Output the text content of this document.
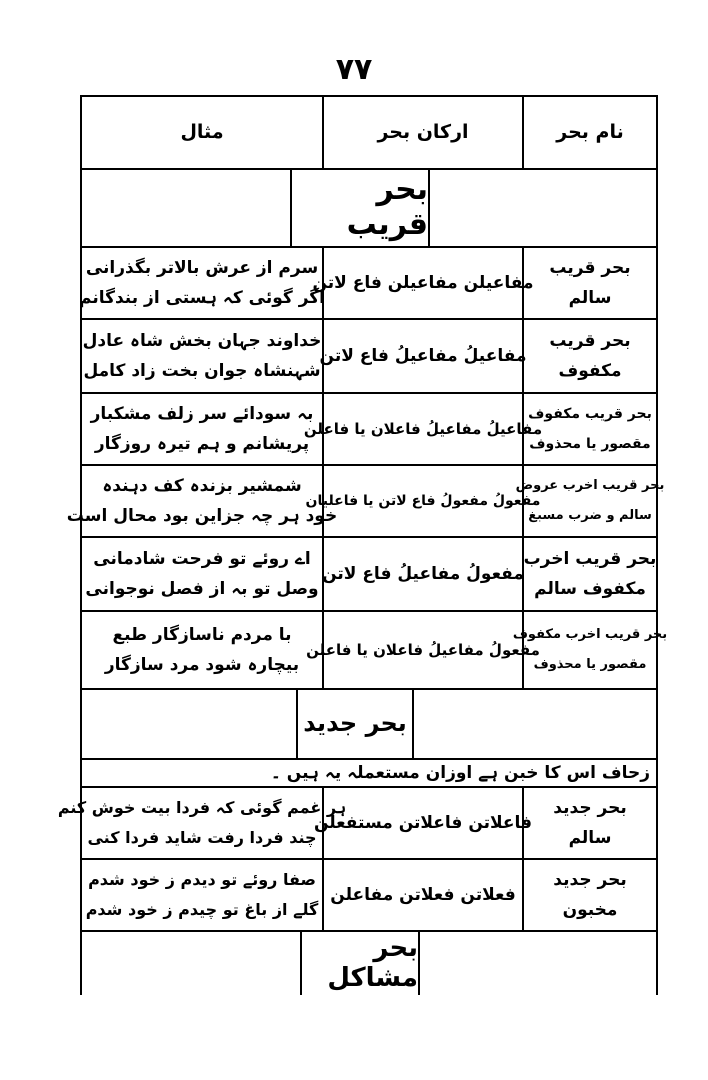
۷۷
نام بحر
ارکان بحر
مثال
بحر قریب
بحر قریب
سالم
مفاعیلن مفاعیلن فاع لاتن
سرم از عرش بالاتر بگذرانی
اگر گوئی کہ ہستی از بندگانم
بحر قریب
مکفوف
مفاعیلُ مفاعیلُ فاع لاتن
خداوند جہان بخش شاہ عادل
شہنشاہ جوان بخت زاد کامل
بحر قریب مکفوف
مقصور یا محذوف
مفاعیلُ مفاعیلُ فاعلان یا فاعلن
بہ سودائے سر زلف مشکبار
پریشانم و ہم تیرہ روزگار
بحر قریب اخرب عروض
سالم و ضرب مسبغ
مفعولُ مفعولُ فاع لاتن یا فاعلیان
شمشیر بزندہ کف دہندہ
خود ہر چہ جزاین بود محال است
بحر قریب اخرب
مکفوف سالم
مفعولُ مفاعیلُ فاع لاتن
اے روئے تو فرحت شادمانی
وصل تو بہ از فصل نوجوانی
بحر قریب اخرب مکفوف
مقصور یا محذوف
مفعولُ مفاعیلُ فاعلان یا فاعلن
با مردم ناسازگار طبع
بیچارہ شود مرد سازگار
بحر جدید
زحاف اس کا خبن ہے اوزان مستعملہ یہ ہیں ۔
بحر جدید
سالم
فاعلاتن فاعلاتن مستفعلن
ہر غمم گوئی کہ فردا بیت خوش کنم
چند فردا رفت شاید فردا کنی
بحر جدید
مخبون
فعلاتن فعلاتن مفاعلن
صفا روئے تو دیدم ز خود شدم
گلے از باغ تو چیدم ز خود شدم
بحر مشاکل
